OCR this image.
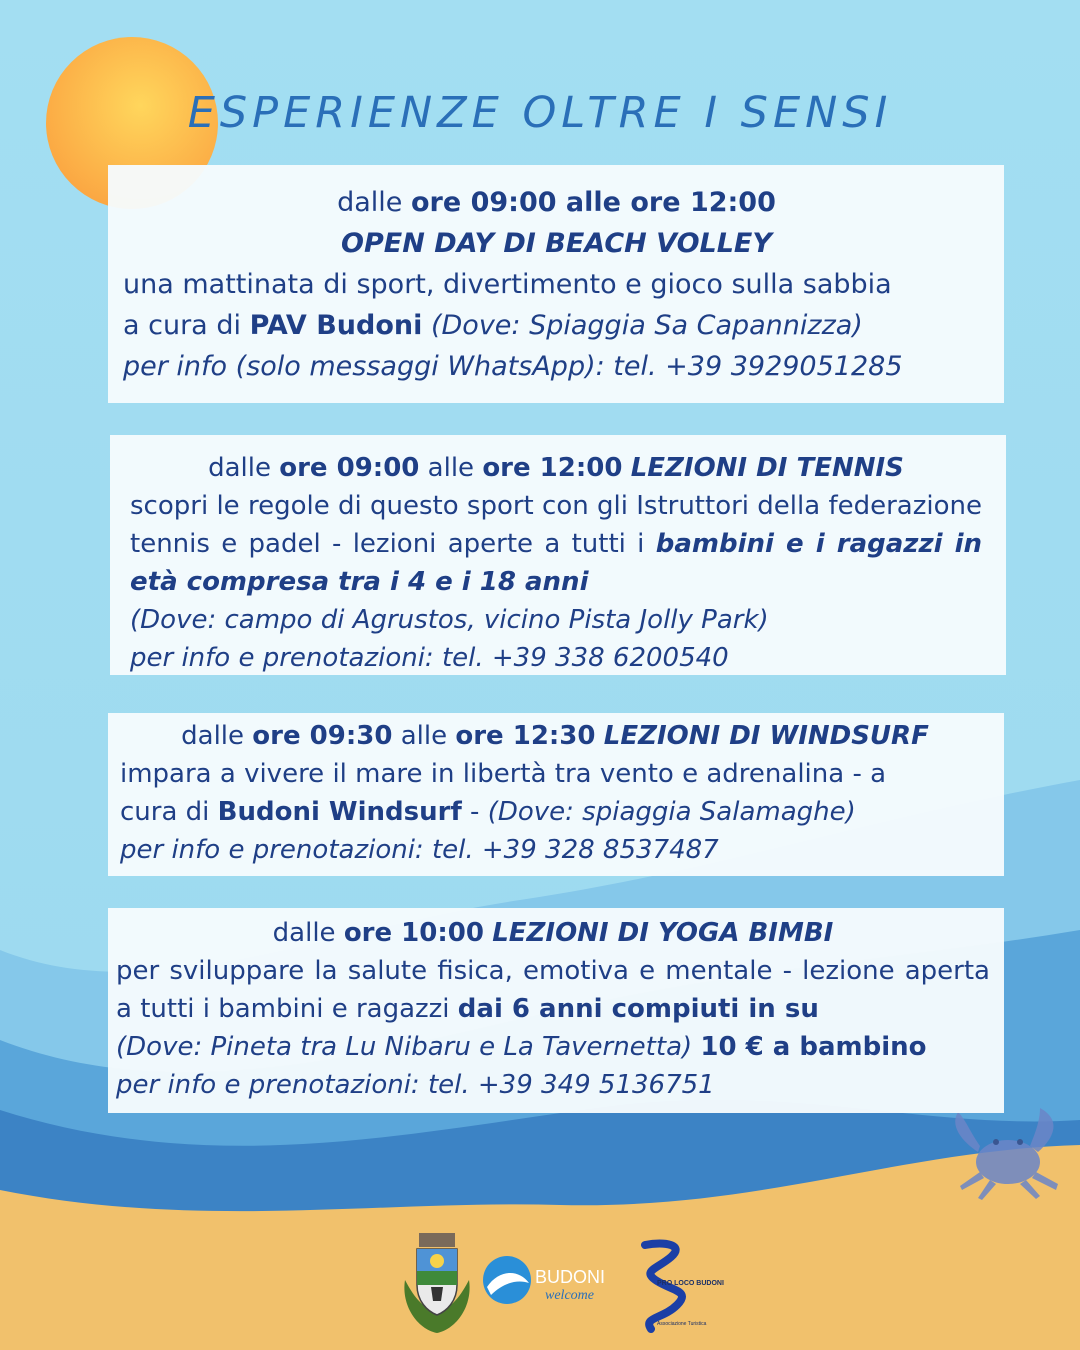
ESPERIENZE OLTRE I SENSI

dalle ore 09:00 alle ore 12:00

OPEN DAY DI BEACH VOLLEY

una mattinata di sport, divertimento e gioco sulla sabbia

a cura di PAV Budoni (Dove: Spiaggia Sa Capannizza)

per info (solo messaggi WhatsApp): tel. +39 3929051285

dalle ore 09:00 alle ore 12:00 LEZIONI DI TENNIS

scopri le regole di questo sport con gli Istruttori della federazione tennis e padel - lezioni aperte a tutti i bambini e i ragazzi in età compresa tra i 4 e i 18 anni

(Dove: campo di Agrustos, vicino Pista Jolly Park)

per info e prenotazioni: tel. +39 338 6200540

dalle ore 09:30 alle ore 12:30 LEZIONI DI WINDSURF

impara a vivere il mare in libertà tra vento e adrenalina - a cura di Budoni Windsurf - (Dove: spiaggia Salamaghe)

per info e prenotazioni: tel. +39 328 8537487

dalle ore 10:00 LEZIONI DI YOGA BIMBI

per sviluppare la salute fisica, emotiva e mentale - lezione aperta a tutti i bambini e ragazzi dai 6 anni compiuti in su

(Dove: Pineta tra Lu Nibaru e La Tavernetta) 10 € a bambino

per info e prenotazioni: tel. +39 349 5136751

BUDONI
welcome
PRO LOCO BUDONI
Associazione Turistica
